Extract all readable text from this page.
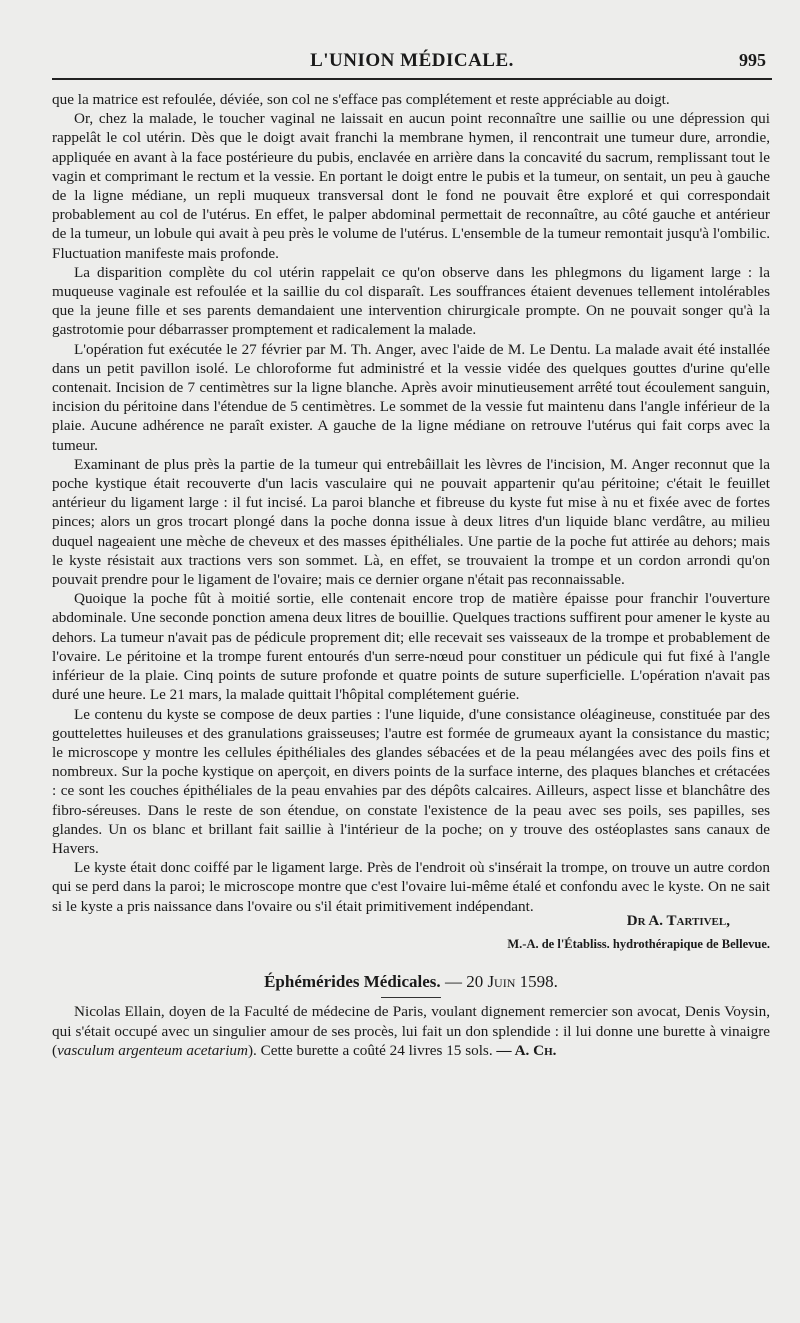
L'UNION MÉDICALE.	995

que la matrice est refoulée, déviée, son col ne s'efface pas complétement et reste appréciable au doigt.

Or, chez la malade, le toucher vaginal ne laissait en aucun point reconnaître une saillie ou une dépression qui rappelât le col utérin. Dès que le doigt avait franchi la membrane hymen, il rencontrait une tumeur dure, arrondie, appliquée en avant à la face postérieure du pubis, enclavée en arrière dans la concavité du sacrum, remplissant tout le vagin et comprimant le rectum et la vessie. En portant le doigt entre le pubis et la tumeur, on sentait, un peu à gauche de la ligne médiane, un repli muqueux transversal dont le fond ne pouvait être exploré et qui correspondait probablement au col de l'utérus. En effet, le palper abdominal permettait de reconnaître, au côté gauche et antérieur de la tumeur, un lobule qui avait à peu près le volume de l'utérus. L'ensemble de la tumeur remontait jusqu'à l'ombilic. Fluctuation manifeste mais profonde.

La disparition complète du col utérin rappelait ce qu'on observe dans les phlegmons du ligament large : la muqueuse vaginale est refoulée et la saillie du col disparaît. Les souffrances étaient devenues tellement intolérables que la jeune fille et ses parents demandaient une intervention chirurgicale prompte. On ne pouvait songer qu'à la gastrotomie pour débarrasser promptement et radicalement la malade.

L'opération fut exécutée le 27 février par M. Th. Anger, avec l'aide de M. Le Dentu. La malade avait été installée dans un petit pavillon isolé. Le chloroforme fut administré et la vessie vidée des quelques gouttes d'urine qu'elle contenait. Incision de 7 centimètres sur la ligne blanche. Après avoir minutieusement arrêté tout écoulement sanguin, incision du péritoine dans l'étendue de 5 centimètres. Le sommet de la vessie fut maintenu dans l'angle inférieur de la plaie. Aucune adhérence ne paraît exister. A gauche de la ligne médiane on retrouve l'utérus qui fait corps avec la tumeur.

Examinant de plus près la partie de la tumeur qui entrebâillait les lèvres de l'incision, M. Anger reconnut que la poche kystique était recouverte d'un lacis vasculaire qui ne pouvait appartenir qu'au péritoine; c'était le feuillet antérieur du ligament large : il fut incisé. La paroi blanche et fibreuse du kyste fut mise à nu et fixée avec de fortes pinces; alors un gros trocart plongé dans la poche donna issue à deux litres d'un liquide blanc verdâtre, au milieu duquel nageaient une mèche de cheveux et des masses épithéliales. Une partie de la poche fut attirée au dehors; mais le kyste résistait aux tractions vers son sommet. Là, en effet, se trouvaient la trompe et un cordon arrondi qu'on pouvait prendre pour le ligament de l'ovaire; mais ce dernier organe n'était pas reconnaissable.

Quoique la poche fût à moitié sortie, elle contenait encore trop de matière épaisse pour franchir l'ouverture abdominale. Une seconde ponction amena deux litres de bouillie. Quelques tractions suffirent pour amener le kyste au dehors. La tumeur n'avait pas de pédicule proprement dit; elle recevait ses vaisseaux de la trompe et probablement de l'ovaire. Le péritoine et la trompe furent entourés d'un serre-nœud pour constituer un pédicule qui fut fixé à l'angle inférieur de la plaie. Cinq points de suture profonde et quatre points de suture superficielle. L'opération n'avait pas duré une heure. Le 21 mars, la malade quittait l'hôpital complétement guérie.

Le contenu du kyste se compose de deux parties : l'une liquide, d'une consistance oléagineuse, constituée par des gouttelettes huileuses et des granulations graisseuses; l'autre est formée de grumeaux ayant la consistance du mastic; le microscope y montre les cellules épithéliales des glandes sébacées et de la peau mélangées avec des poils fins et nombreux. Sur la poche kystique on aperçoit, en divers points de la surface interne, des plaques blanches et crétacées : ce sont les couches épithéliales de la peau envahies par des dépôts calcaires. Ailleurs, aspect lisse et blanchâtre des fibro-séreuses. Dans le reste de son étendue, on constate l'existence de la peau avec ses poils, ses papilles, ses glandes. Un os blanc et brillant fait saillie à l'intérieur de la poche; on y trouve des ostéoplastes sans canaux de Havers.

Le kyste était donc coiffé par le ligament large. Près de l'endroit où s'insérait la trompe, on trouve un autre cordon qui se perd dans la paroi; le microscope montre que c'est l'ovaire lui-même étalé et confondu avec le kyste. On ne sait si le kyste a pris naissance dans l'ovaire ou s'il était primitivement indépendant.

Dr A. Tartivel,
M.-A. de l'Établiss. hydrothérapique de Bellevue.
Éphémérides Médicales. — 20 Juin 1598.

Nicolas Ellain, doyen de la Faculté de médecine de Paris, voulant dignement remercier son avocat, Denis Voysin, qui s'était occupé avec un singulier amour de ses procès, lui fait un don splendide : il lui donne une burette à vinaigre (vasculum argenteum acetarium). Cette burette a coûté 24 livres 15 sols. — A. Ch.
